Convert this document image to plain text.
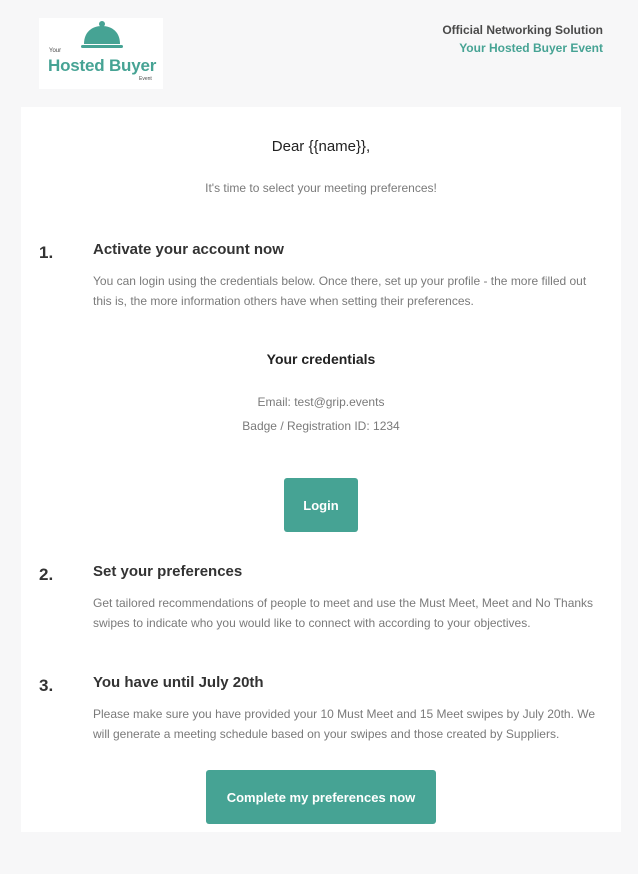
Your
Hosted Buyer
Event
Official Networking Solution
Your Hosted Buyer Event
Dear {{name}},
It's time to select your meeting preferences!
1.	Activate your account now
You can login using the credentials below. Once there, set up your profile - the more filled out this is, the more information others have when setting their preferences.
Your credentials
Email: test@grip.events
Badge / Registration ID: 1234
Login
2.	Set your preferences
Get tailored recommendations of people to meet and use the Must Meet, Meet and No Thanks swipes to indicate who you would like to connect with according to your objectives.
3.	You have until July 20th
Please make sure you have provided your 10 Must Meet and 15 Meet swipes by July 20th. We will generate a meeting schedule based on your swipes and those created by Suppliers.
Complete my preferences now
